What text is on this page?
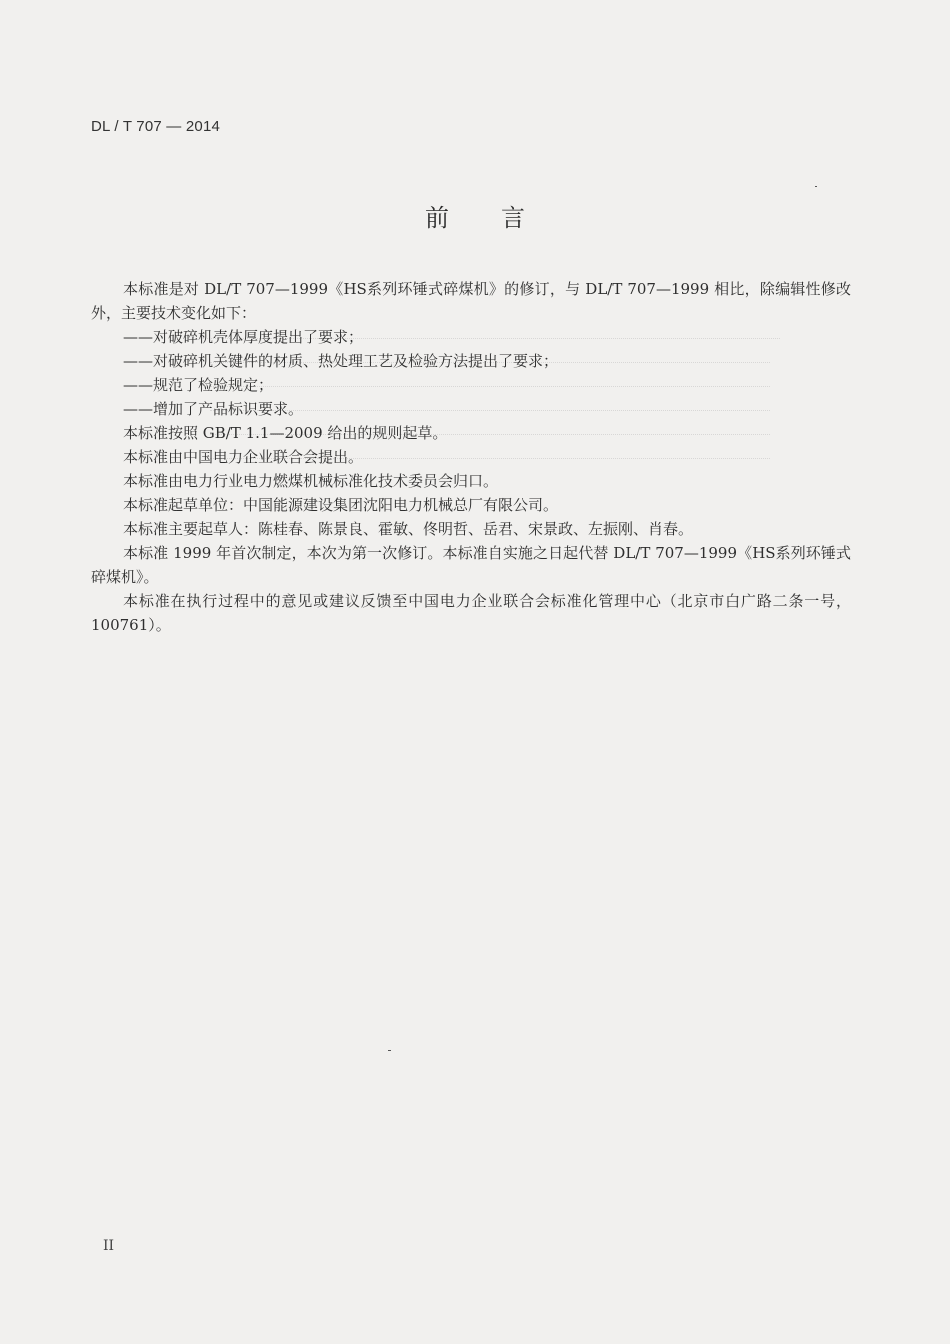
DL / T 707 — 2014
前言

本标准是对 DL/T 707—1999《HS系列环锤式碎煤机》的修订，与 DL/T 707—1999 相比，除编辑性修改外，主要技术变化如下：

——对破碎机壳体厚度提出了要求；

——对破碎机关键件的材质、热处理工艺及检验方法提出了要求；

——规范了检验规定；

——增加了产品标识要求。

本标准按照 GB/T 1.1—2009 给出的规则起草。

本标准由中国电力企业联合会提出。

本标准由电力行业电力燃煤机械标准化技术委员会归口。

本标准起草单位：中国能源建设集团沈阳电力机械总厂有限公司。

本标准主要起草人：陈桂春、陈景良、霍敏、佟明哲、岳君、宋景政、左振刚、肖春。

本标准 1999 年首次制定，本次为第一次修订。本标准自实施之日起代替 DL/T 707—1999《HS系列环锤式碎煤机》。

本标准在执行过程中的意见或建议反馈至中国电力企业联合会标准化管理中心（北京市白广路二条一号，100761）。

II
